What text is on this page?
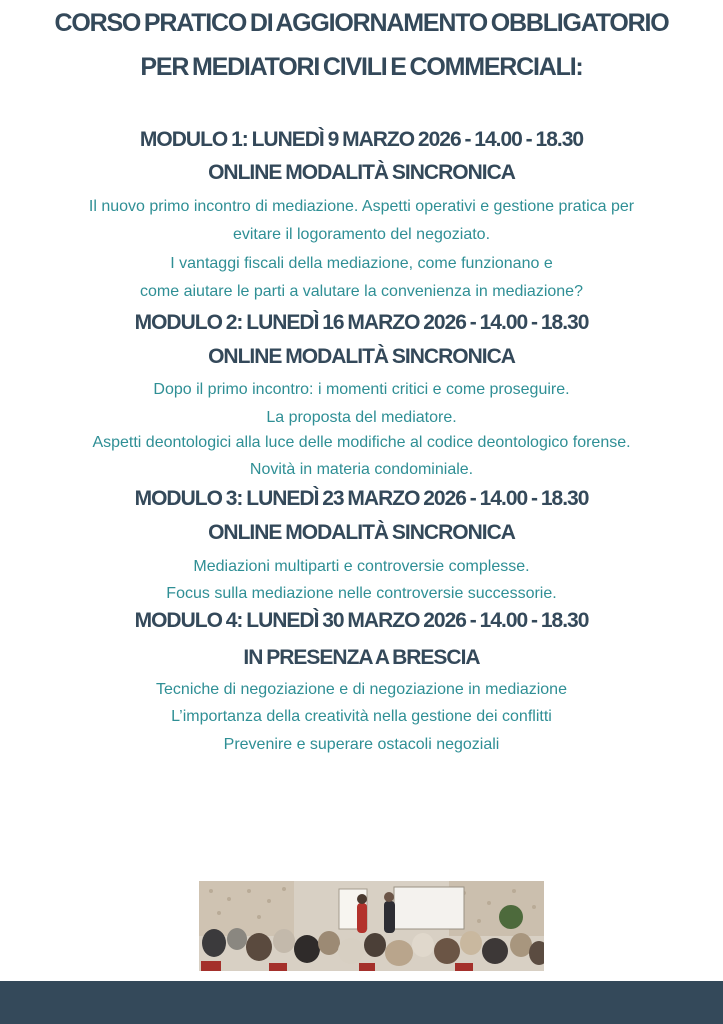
CORSO PRATICO DI AGGIORNAMENTO OBBLIGATORIO
PER MEDIATORI CIVILI E COMMERCIALI:
MODULO 1: LUNEDÌ 9 MARZO 2026 - 14.00 - 18.30
ONLINE MODALITÀ SINCRONICA

Il nuovo primo incontro di mediazione. Aspetti operativi e gestione pratica per

evitare il logoramento del negoziato.

I vantaggi fiscali della mediazione, come funzionano e

come aiutare le parti a valutare la convenienza in mediazione?

MODULO 2: LUNEDÌ 16 MARZO 2026 - 14.00 - 18.30
ONLINE MODALITÀ SINCRONICA

Dopo il primo incontro: i momenti critici e come proseguire.

La proposta del mediatore.

Aspetti deontologici alla luce delle modifiche al codice deontologico forense.

Novità in materia condominiale.

MODULO 3: LUNEDÌ 23 MARZO 2026 - 14.00 - 18.30
ONLINE MODALITÀ SINCRONICA

Mediazioni multiparti e controversie complesse.

Focus sulla mediazione nelle controversie successorie.

MODULO 4: LUNEDÌ 30 MARZO 2026 - 14.00 - 18.30
IN PRESENZA A BRESCIA

Tecniche di negoziazione e di negoziazione in mediazione

L’importanza della creatività nella gestione dei conflitti

Prevenire e superare ostacoli negoziali
